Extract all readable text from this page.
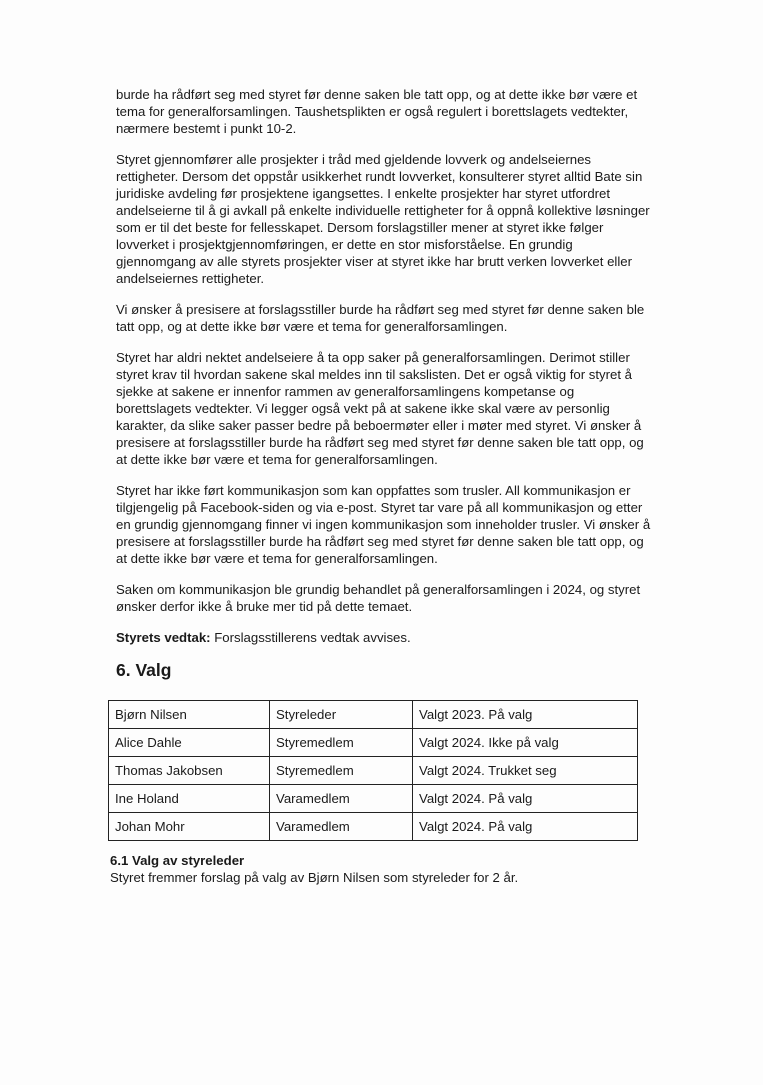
burde ha rådført seg med styret før denne saken ble tatt opp, og at dette ikke bør være et tema for generalforsamlingen. Taushetsplikten er også regulert i borettslagets vedtekter, nærmere bestemt i punkt 10-2.

Styret gjennomfører alle prosjekter i tråd med gjeldende lovverk og andelseiernes rettigheter. Dersom det oppstår usikkerhet rundt lovverket, konsulterer styret alltid Bate sin juridiske avdeling før prosjektene igangsettes. I enkelte prosjekter har styret utfordret andelseierne til å gi avkall på enkelte individuelle rettigheter for å oppnå kollektive løsninger som er til det beste for fellesskapet. Dersom forslagstiller mener at styret ikke følger lovverket i prosjektgjennomføringen, er dette en stor misforståelse. En grundig gjennomgang av alle styrets prosjekter viser at styret ikke har brutt verken lovverket eller andelseiernes rettigheter.

Vi ønsker å presisere at forslagsstiller burde ha rådført seg med styret før denne saken ble tatt opp, og at dette ikke bør være et tema for generalforsamlingen.

Styret har aldri nektet andelseiere å ta opp saker på generalforsamlingen. Derimot stiller styret krav til hvordan sakene skal meldes inn til sakslisten. Det er også viktig for styret å sjekke at sakene er innenfor rammen av generalforsamlingens kompetanse og borettslagets vedtekter. Vi legger også vekt på at sakene ikke skal være av personlig karakter, da slike saker passer bedre på beboermøter eller i møter med styret. Vi ønsker å presisere at forslagsstiller burde ha rådført seg med styret før denne saken ble tatt opp, og at dette ikke bør være et tema for generalforsamlingen.

Styret har ikke ført kommunikasjon som kan oppfattes som trusler. All kommunikasjon er tilgjengelig på Facebook-siden og via e-post. Styret tar vare på all kommunikasjon og etter en grundig gjennomgang finner vi ingen kommunikasjon som inneholder trusler. Vi ønsker å presisere at forslagsstiller burde ha rådført seg med styret før denne saken ble tatt opp, og at dette ikke bør være et tema for generalforsamlingen.

Saken om kommunikasjon ble grundig behandlet på generalforsamlingen i 2024, og styret ønsker derfor ikke å bruke mer tid på dette temaet.

Styrets vedtak: Forslagsstillerens vedtak avvises.

6. Valg
Bjørn Nilsen	Styreleder	Valgt 2023. På valg
Alice Dahle	Styremedlem	Valgt 2024. Ikke på valg
Thomas Jakobsen	Styremedlem	Valgt 2024. Trukket seg
Ine Holand	Varamedlem	Valgt 2024. På valg
Johan Mohr	Varamedlem	Valgt 2024. På valg
6.1 Valg av styreleder

Styret fremmer forslag på valg av Bjørn Nilsen som styreleder for 2 år.
